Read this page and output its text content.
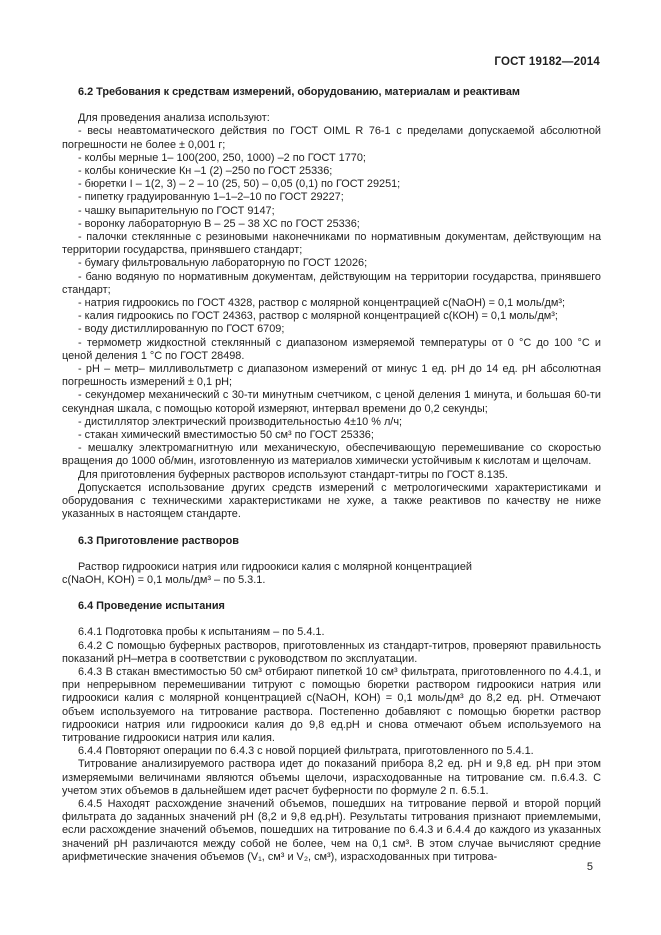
ГОСТ 19182—2014

6.2 Требования к средствам измерений, оборудованию, материалам и реактивам

Для проведения анализа используют:

- весы неавтоматического действия по ГОСТ OIML R 76-1 с пределами допускаемой абсолютной погрешности не более ± 0,001 г;

- колбы мерные 1– 100(200, 250, 1000) –2 по ГОСТ 1770;

- колбы конические Кн –1 (2) –250 по ГОСТ 25336;

- бюретки I – 1(2, 3) – 2 – 10 (25, 50) – 0,05 (0,1) по ГОСТ 29251;

- пипетку градуированную 1–1–2–10 по ГОСТ 29227;

- чашку выпарительную по ГОСТ 9147;

- воронку лабораторную В – 25 – 38 ХС по ГОСТ 25336;

- палочки стеклянные с резиновыми наконечниками по нормативным документам, действующим на территории государства, принявшего стандарт;

- бумагу фильтровальную лабораторную по ГОСТ 12026;

- баню водяную по нормативным документам, действующим на территории государства, принявшего стандарт;

- натрия гидроокись по ГОСТ 4328, раствор с молярной концентрацией с(NaOH) = 0,1 моль/дм³;

- калия гидроокись по ГОСТ 24363, раствор с молярной концентрацией с(КОН) = 0,1 моль/дм³;

- воду дистиллированную по ГОСТ 6709;

- термометр жидкостной стеклянный с диапазоном измеряемой температуры от 0 °С до 100 °С и ценой деления 1 °С по ГОСТ 28498.

- рН – метр– милливольтметр с диапазоном измерений от минус 1 ед. рН до 14 ед. рН абсолютная погрешность измерений ± 0,1 рН;

- секундомер механический с 30-ти минутным счетчиком, с ценой деления 1 минута, и большая 60-ти секундная шкала, с помощью которой измеряют, интервал времени до 0,2 секунды;

- дистиллятор электрический производительностью 4±10 % л/ч;

- стакан химический вместимостью 50 см³ по ГОСТ 25336;

- мешалку электромагнитную или механическую, обеспечивающую перемешивание со скоростью вращения до 1000 об/мин, изготовленную из материалов химически устойчивым к кислотам и щелочам.

Для приготовления буферных растворов используют стандарт-титры по ГОСТ 8.135.

Допускается использование других средств измерений с метрологическими характеристиками и оборудования с техническими характеристиками не хуже, а также реактивов по качеству не ниже указанных в настоящем стандарте.

6.3 Приготовление растворов

Раствор гидроокиси натрия или гидроокиси калия с молярной концентрацией

с(NaOH, KОН) = 0,1 моль/дм³ – по 5.3.1.

6.4 Проведение испытания

6.4.1 Подготовка пробы к испытаниям – по 5.4.1.

6.4.2 С помощью буферных растворов, приготовленных из стандарт-титров, проверяют правильность показаний рН–метра в соответствии с руководством по эксплуатации.

6.4.3 В стакан вместимостью 50 см³ отбирают пипеткой 10 см³ фильтрата, приготовленного по 4.4.1, и при непрерывном перемешивании титруют с помощью бюретки раствором гидроокиси натрия или гидроокиси калия с молярной концентрацией с(NaOH, КОН) = 0,1 моль/дм³ до 8,2 ед. рН. Отмечают объем используемого на титрование раствора. Постепенно добавляют с помощью бюретки раствор гидроокиси натрия или гидроокиси калия до 9,8 ед.рН и снова отмечают объем используемого на титрование гидроокиси натрия или калия.

6.4.4 Повторяют операции по 6.4.3 с новой порцией фильтрата, приготовленного по 5.4.1.

Титрование анализируемого раствора идет до показаний прибора 8,2 ед. рН и 9,8 ед. рН при этом измеряемыми величинами являются объемы щелочи, израсходованные на титрование см. п.6.4.3. С учетом этих объемов в дальнейшем идет расчет буферности по формуле 2 п. 6.5.1.

6.4.5 Находят расхождение значений объемов, пошедших на титрование первой и второй порций фильтрата до заданных значений рН (8,2 и 9,8 ед.рН). Результаты титрования признают приемлемыми, если расхождение значений объемов, пошедших на титрование по 6.4.3 и 6.4.4 до каждого из указанных значений рН различаются между собой не более, чем на 0,1 см³. В этом случае вычисляют средние арифметические значения объемов (V₁, см³ и V₂, см³), израсходованных при титрова-

5
